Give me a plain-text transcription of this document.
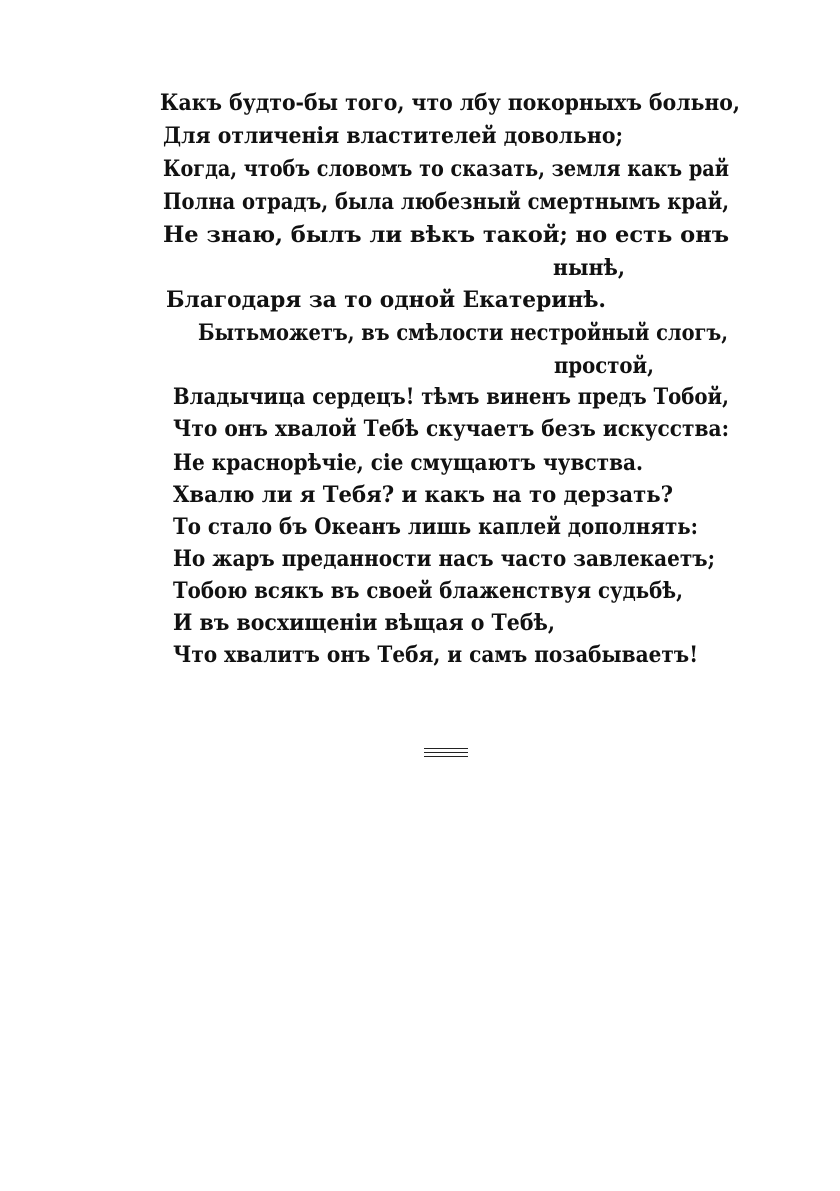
Какъ будто-бы того, что лбу покорныхъ больно,
Для отличенія властителей довольно;
Когда, чтобъ словомъ то сказать, земля какъ рай
Полна отрадъ, была любезный смертнымъ край,
Не знаю, былъ ли вѣкъ такой; но есть онъ
нынѣ,
Благодаря за то одной Екатеринѣ.
Бытьможетъ, въ смѣлости нестройный слогъ,
простой,
Владычица сердецъ! тѣмъ виненъ предъ Тобой,
Что онъ хвалой Тебѣ скучаетъ безъ искусства:
Не краснорѣчіе, сіе смущаютъ чувства.
Хвалю ли я Тебя? и какъ на то дерзать?
То стало бъ Океанъ лишь каплей дополнять:
Но жаръ преданности насъ часто завлекаетъ;
Тобою всякъ въ своей блаженствуя судьбѣ,
И въ восхищеніи вѣщая о Тебѣ,
Что хвалитъ онъ Тебя, и самъ позабываетъ!
